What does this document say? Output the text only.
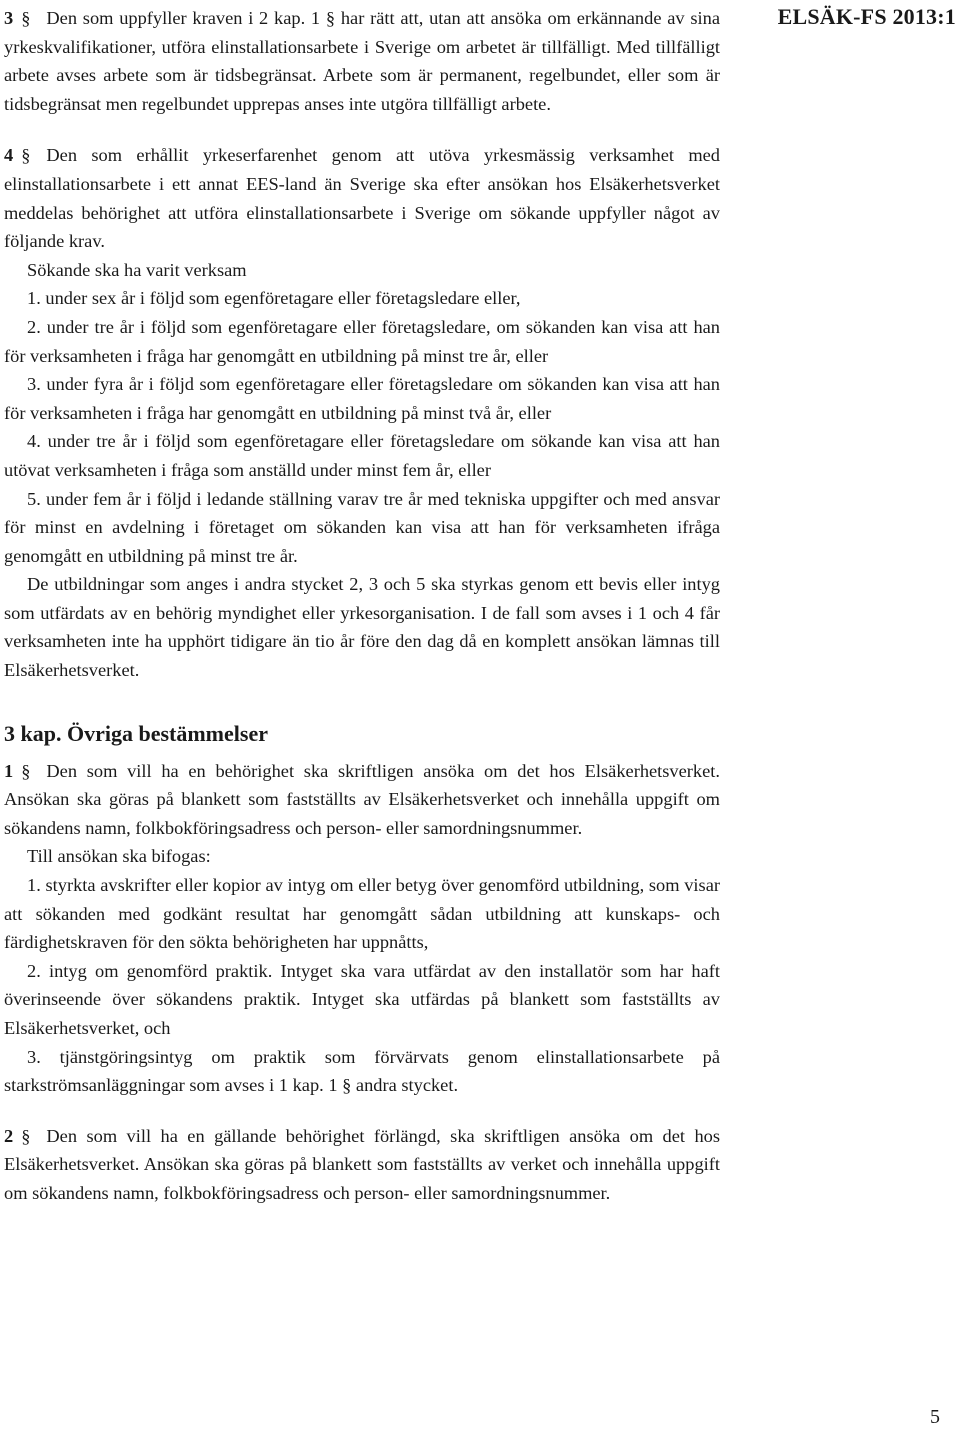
ELSÄK-FS 2013:1

3 § Den som uppfyller kraven i 2 kap. 1 § har rätt att, utan att ansöka om erkännande av sina yrkeskvalifikationer, utföra elinstallationsarbete i Sverige om arbetet är tillfälligt. Med tillfälligt arbete avses arbete som är tidsbegränsat. Arbete som är permanent, regelbundet, eller som är tidsbegränsat men regelbundet upprepas anses inte utgöra tillfälligt arbete.

4 § Den som erhållit yrkeserfarenhet genom att utöva yrkesmässig verksamhet med elinstallationsarbete i ett annat EES-land än Sverige ska efter ansökan hos Elsäkerhetsverket meddelas behörighet att utföra elinstallationsarbete i Sverige om sökande uppfyller något av följande krav.

Sökande ska ha varit verksam

1. under sex år i följd som egenföretagare eller företagsledare eller,

2. under tre år i följd som egenföretagare eller företagsledare, om sökanden kan visa att han för verksamheten i fråga har genomgått en utbildning på minst tre år, eller

3. under fyra år i följd som egenföretagare eller företagsledare om sökanden kan visa att han för verksamheten i fråga har genomgått en utbildning på minst två år, eller

4. under tre år i följd som egenföretagare eller företagsledare om sökande kan visa att han utövat verksamheten i fråga som anställd under minst fem år, eller

5. under fem år i följd i ledande ställning varav tre år med tekniska uppgifter och med ansvar för minst en avdelning i företaget om sökanden kan visa att han för verksamheten ifråga genomgått en utbildning på minst tre år.

De utbildningar som anges i andra stycket 2, 3 och 5 ska styrkas genom ett bevis eller intyg som utfärdats av en behörig myndighet eller yrkesorganisation. I de fall som avses i 1 och 4 får verksamheten inte ha upphört tidigare än tio år före den dag då en komplett ansökan lämnas till Elsäkerhetsverket.

3 kap. Övriga bestämmelser

1 § Den som vill ha en behörighet ska skriftligen ansöka om det hos Elsäkerhetsverket. Ansökan ska göras på blankett som fastställts av Elsäkerhetsverket och innehålla uppgift om sökandens namn, folkbokföringsadress och person- eller samordningsnummer.

Till ansökan ska bifogas:

1. styrkta avskrifter eller kopior av intyg om eller betyg över genomförd utbildning, som visar att sökanden med godkänt resultat har genomgått sådan utbildning att kunskaps- och färdighetskraven för den sökta behörigheten har uppnåtts,

2. intyg om genomförd praktik. Intyget ska vara utfärdat av den installatör som har haft överinseende över sökandens praktik. Intyget ska utfärdas på blankett som fastställts av Elsäkerhetsverket, och

3. tjänstgöringsintyg om praktik som förvärvats genom elinstallationsarbete på starkströmsanläggningar som avses i 1 kap. 1 § andra stycket.

2 § Den som vill ha en gällande behörighet förlängd, ska skriftligen ansöka om det hos Elsäkerhetsverket. Ansökan ska göras på blankett som fastställts av verket och innehålla uppgift om sökandens namn, folkbokföringsadress och person- eller samordningsnummer.

5
